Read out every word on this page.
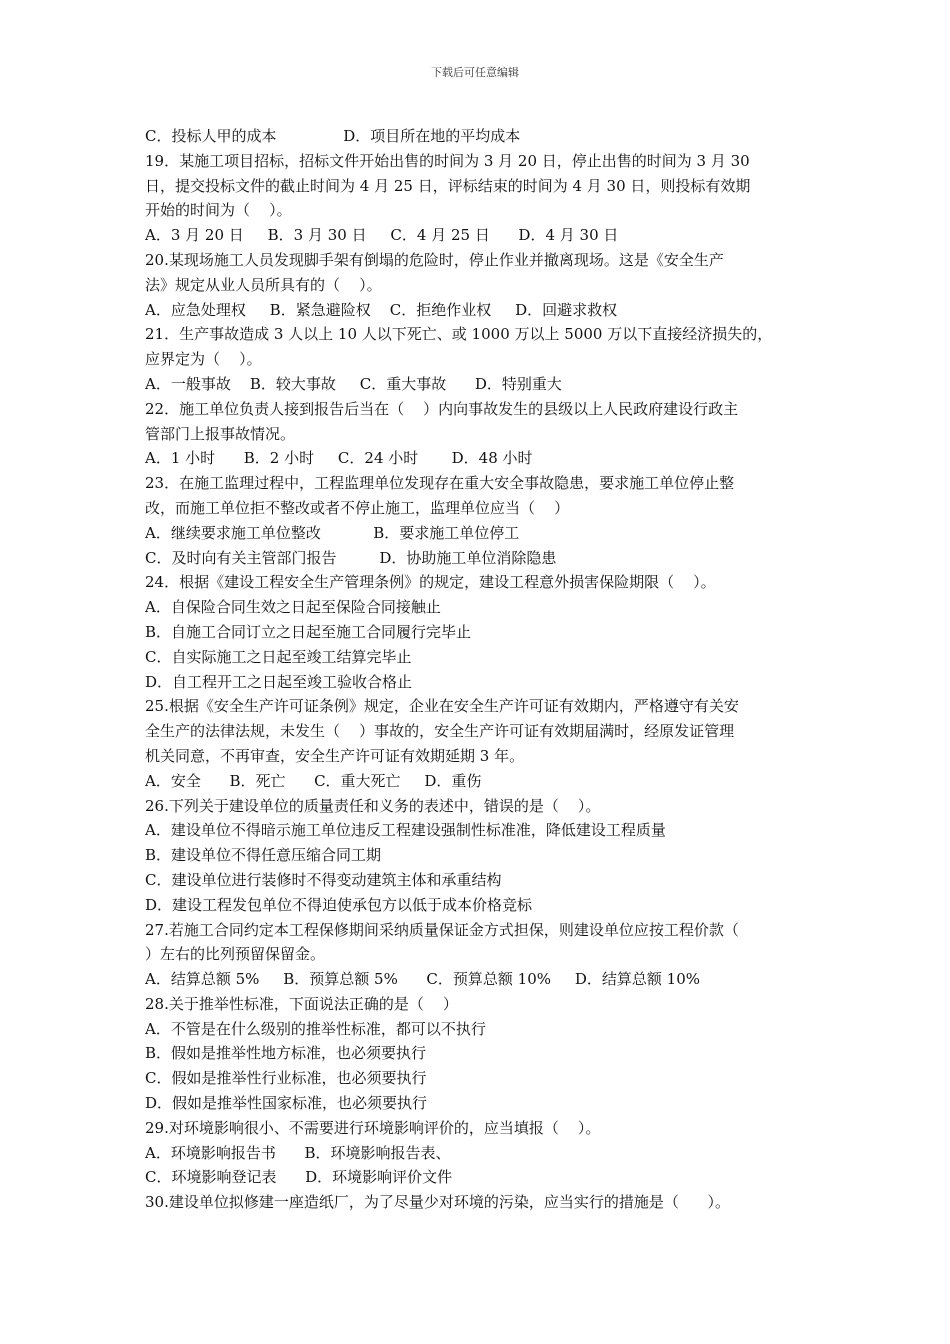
下载后可任意编辑
C．投标人甲的成本              D．项目所在地的平均成本
19．某施工项目招标，招标文件开始出售的时间为 3 月 20 日，停止出售的时间为 3 月 30
日，提交投标文件的截止时间为 4 月 25 日，评标结束的时间为 4 月 30 日，则投标有效期
开始的时间为（    ）。
A．3 月 20 日     B．3 月 30 日     C．4 月 25 日      D．4 月 30 日
20.某现场施工人员发现脚手架有倒塌的危险时，停止作业并撤离现场。这是《安全生产
法》规定从业人员所具有的（    ）。
A．应急处理权     B．紧急避险权    C．拒绝作业权     D．回避求救权
21．生产事故造成 3 人以上 10 人以下死亡、或 1000 万以上 5000 万以下直接经济损失的，
应界定为（    ）。
A．一般事故    B．较大事故     C．重大事故      D．特别重大
22．施工单位负责人接到报告后当在（    ）内向事故发生的县级以上人民政府建设行政主
管部门上报事故情况。
A．1 小时      B．2 小时     C．24 小时       D．48 小时
23．在施工监理过程中，工程监理单位发现存在重大安全事故隐患，要求施工单位停止整
改，而施工单位拒不整改或者不停止施工，监理单位应当（    ）
A．继续要求施工单位整改           B．要求施工单位停工
C．及时向有关主管部门报告         D．协助施工单位消除隐患
24．根据《建设工程安全生产管理条例》的规定，建设工程意外损害保险期限（    ）。
A．自保险合同生效之日起至保险合同接触止
B．自施工合同订立之日起至施工合同履行完毕止
C．自实际施工之日起至竣工结算完毕止
D．自工程开工之日起至竣工验收合格止
25.根据《安全生产许可证条例》规定，企业在安全生产许可证有效期内，严格遵守有关安
全生产的法律法规，未发生（    ）事故的，安全生产许可证有效期届满时，经原发证管理
机关同意，不再审查，安全生产许可证有效期延期 3 年。
A．安全      B．死亡      C．重大死亡     D．重伤
26.下列关于建设单位的质量责任和义务的表述中，错误的是（    ）。
A．建设单位不得暗示施工单位违反工程建设强制性标准准，降低建设工程质量
B．建设单位不得任意压缩合同工期
C．建设单位进行装修时不得变动建筑主体和承重结构
D．建设工程发包单位不得迫使承包方以低于成本价格竞标
27.若施工合同约定本工程保修期间采纳质量保证金方式担保，则建设单位应按工程价款（
）左右的比列预留保留金。
A．结算总额 5%     B．预算总额 5%      C．预算总额 10%     D．结算总额 10%
28.关于推举性标准，下面说法正确的是（    ）
A．不管是在什么级别的推举性标准，都可以不执行
B．假如是推举性地方标准，也必须要执行
C．假如是推举性行业标准，也必须要执行
D．假如是推举性国家标准，也必须要执行
29.对环境影响很小、不需要进行环境影响评价的，应当填报（    ）。
A．环境影响报告书      B．环境影响报告表、
C．环境影响登记表      D．环境影响评价文件
30.建设单位拟修建一座造纸厂，为了尽量少对环境的污染，应当实行的措施是（      ）。
